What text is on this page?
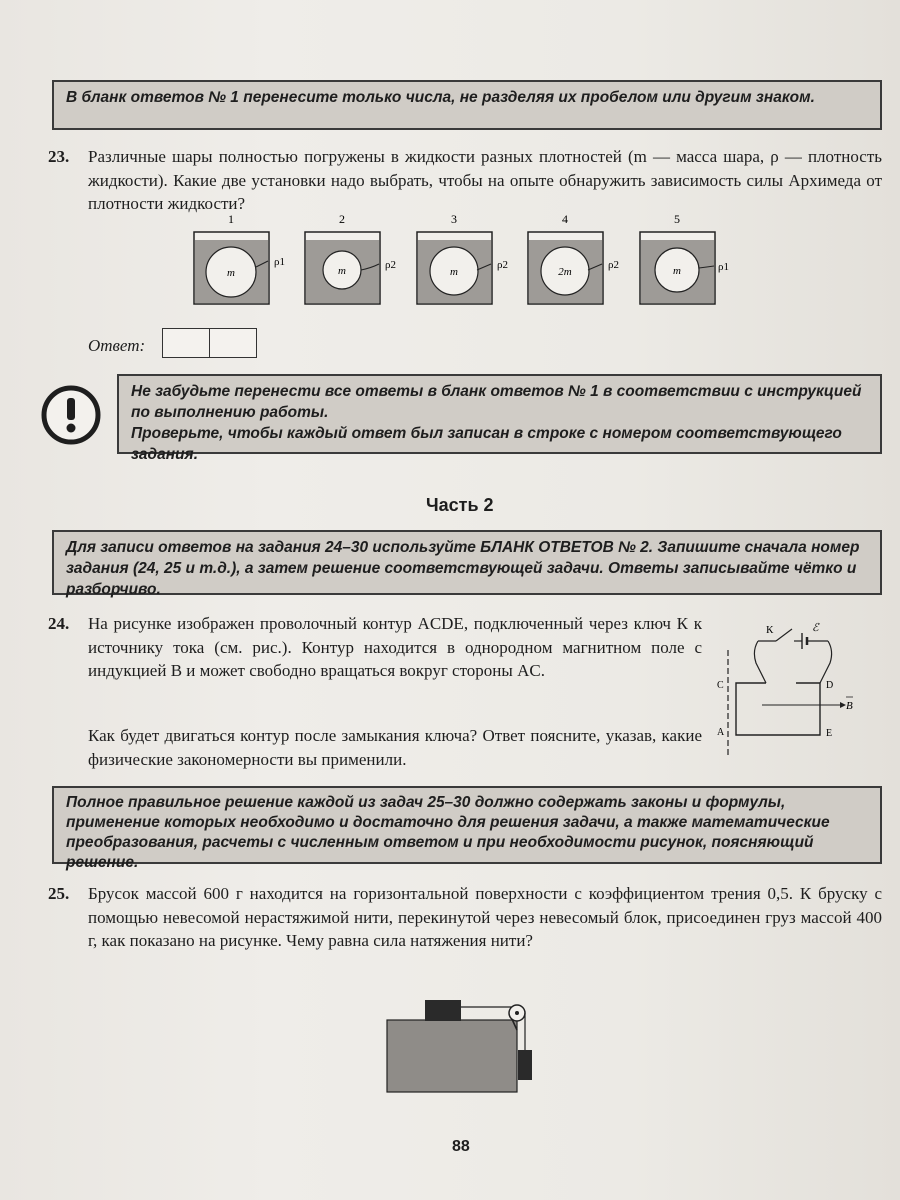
В бланк ответов № 1 перенесите только числа, не разделяя их пробелом или другим знаком.
23. Различные шары полностью погружены в жидкости разных плотностей (m — масса шара, ρ — плотность жидкости). Какие две установки надо выбрать, чтобы на опыте обнаружить зависимость силы Архимеда от плотности жидкости?
1
m
ρ1
2
m	ρ2
3
m
ρ2
4
2m
ρ2
5
m	ρ1
Ответ:
Не забудьте перенести все ответы в бланк ответов № 1 в соответствии с инструкцией по выполнению работы.
Проверьте, чтобы каждый ответ был записан в строке с номером соответствующего задания.
Часть 2
Для записи ответов на задания 24–30 используйте БЛАНК ОТВЕТОВ № 2. Запишите сначала номер задания (24, 25 и т.д.), а затем решение соответствующей задачи. Ответы записывайте чётко и разборчиво.
24. На рисунке изображен проволочный контур ACDE, подключенный через ключ К к источнику тока (см. рис.). Контур находится в однородном магнитном поле с индукцией B и может свободно вращаться вокруг стороны AC.
Как будет двигаться контур после замыкания ключа? Ответ поясните, указав, какие физические закономерности вы применили.
К	ℰ
C	D
A	E
B
Полное правильное решение каждой из задач 25–30 должно содержать законы и формулы, применение которых необходимо и достаточно для решения задачи, а также математические преобразования, расчеты с численным ответом и при необходимости рисунок, поясняющий решение.
25. Брусок массой 600 г находится на горизонтальной поверхности с коэффициентом трения 0,5. К бруску с помощью невесомой нерастяжимой нити, перекинутой через невесомый блок, присоединен груз массой 400 г, как показано на рисунке. Чему равна сила натяжения нити?
88
